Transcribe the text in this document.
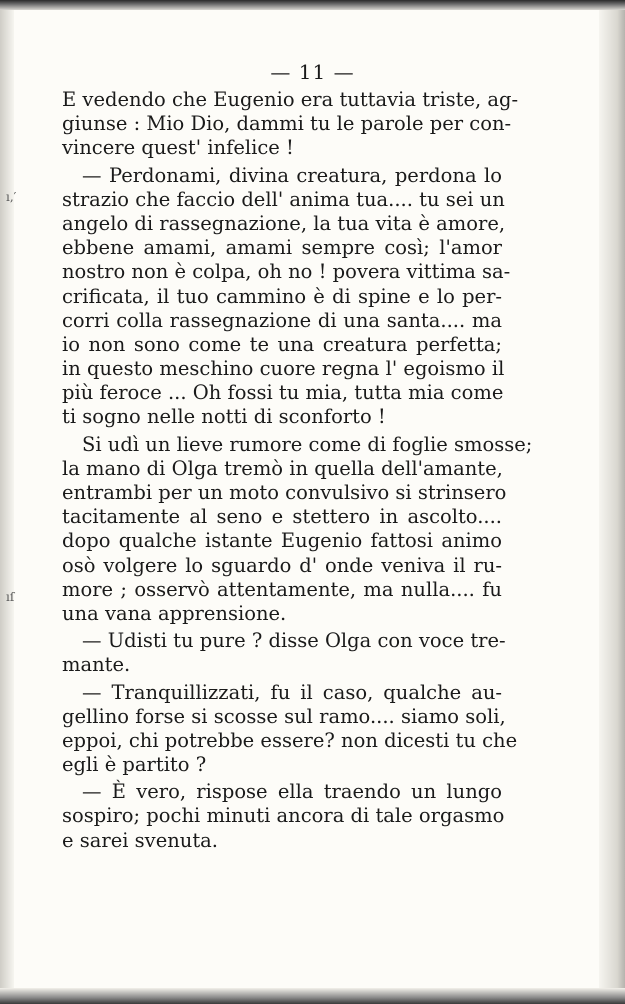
ı,′
ıſ
— 11 —
E vedendo che Eugenio era tuttavia triste, ag-
giunse : Mio Dio, dammi tu le parole per con-
vincere quest' infelice !
— Perdonami, divina creatura, perdona lo
strazio che faccio dell' anima tua.... tu sei un
angelo di rassegnazione, la tua vita è amore,
ebbene amami, amami sempre così; l'amor
nostro non è colpa, oh no ! povera vittima sa-
crificata, il tuo cammino è di spine e lo per-
corri colla rassegnazione di una santa.... ma
io non sono come te una creatura perfetta;
in questo meschino cuore regna l' egoismo il
più feroce ... Oh fossi tu mia, tutta mia come
ti sogno nelle notti di sconforto !
Si udì un lieve rumore come di foglie smosse;
la mano di Olga tremò in quella dell'amante,
entrambi per un moto convulsivo si strinsero
tacitamente al seno e stettero in ascolto....
dopo qualche istante Eugenio fattosi animo
osò volgere lo sguardo d' onde veniva il ru-
more ; osservò attentamente, ma nulla.... fu
una vana apprensione.
— Udisti tu pure ? disse Olga con voce tre-
mante.
— Tranquillizzati, fu il caso, qualche au-
gellino forse si scosse sul ramo.... siamo soli,
eppoi, chi potrebbe essere? non dicesti tu che
egli è partito ?
— È vero, rispose ella traendo un lungo
sospiro; pochi minuti ancora di tale orgasmo
e sarei svenuta.
